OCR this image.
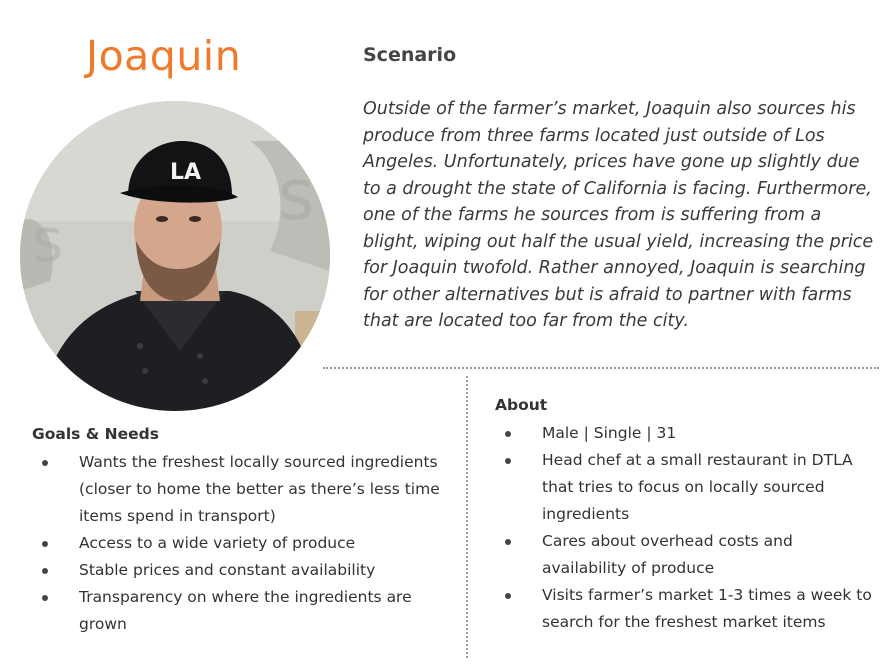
Joaquin
s
s
LA
Scenario

Outside of the farmer’s market, Joaquin also sources his produce from three farms located just outside of Los Angeles. Unfortunately, prices have gone up slightly due to a drought the state of California is facing. Furthermore, one of the farms he sources from is suffering from a blight, wiping out half the usual yield, increasing the price for Joaquin twofold. Rather annoyed, Joaquin is searching for other alternatives but is afraid to partner with farms that are located too far from the city.

Goals & Needs
Wants the freshest locally sourced ingredients (closer to home the better as there’s less time items spend in transport)
Access to a wide variety of produce
Stable prices and constant availability
Transparency on where the ingredients are grown
About
Male | Single | 31
Head chef at a small restaurant in DTLA that tries to focus on locally sourced ingredients
Cares about overhead costs and availability of produce
Visits farmer’s market 1-3 times a week to search for the freshest market items
